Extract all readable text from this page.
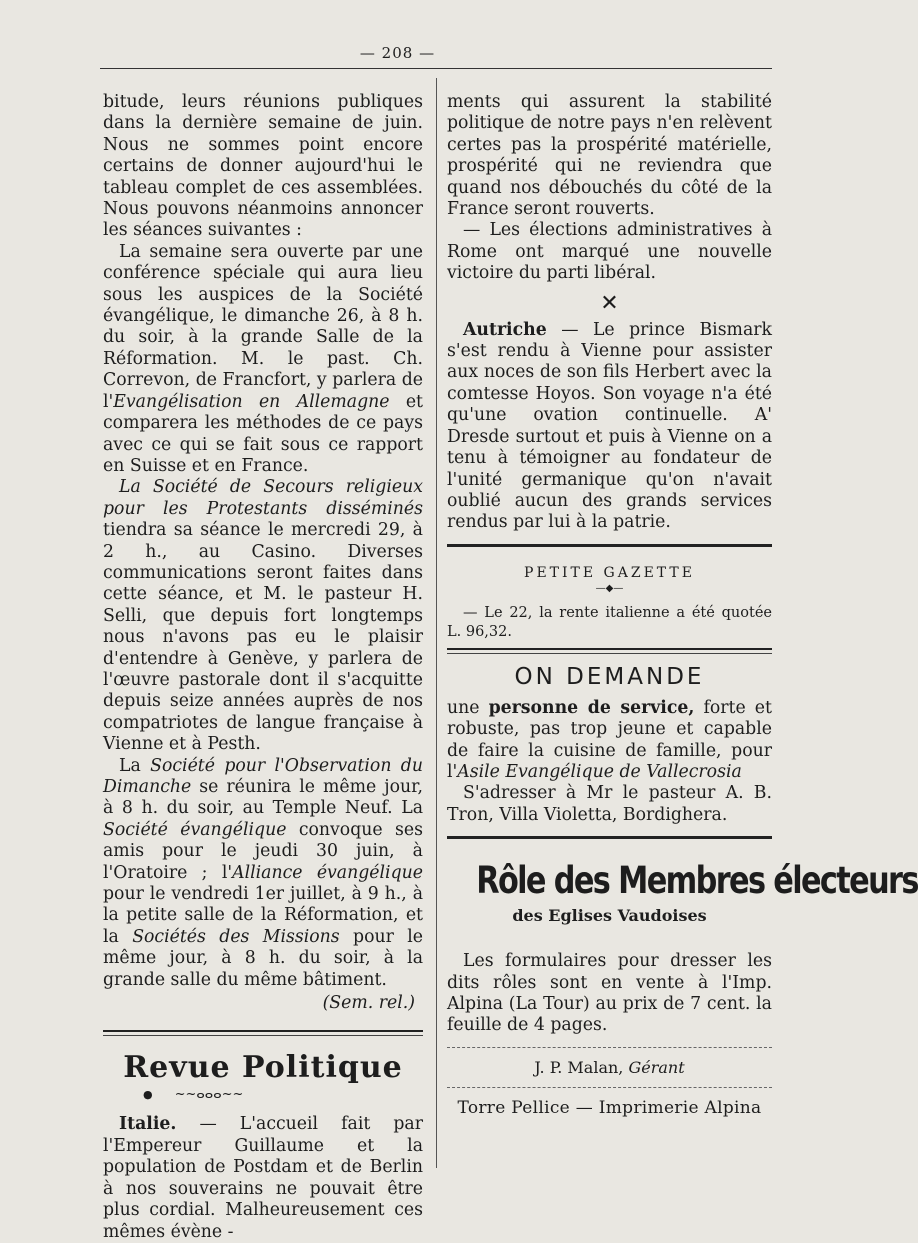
— 208 —

bitude, leurs réunions publiques dans la dernière semaine de juin. Nous ne sommes point encore certains de donner aujourd'hui le tableau complet de ces assemblées. Nous pouvons néanmoins annoncer les séances suivantes :

La semaine sera ouverte par une conférence spéciale qui aura lieu sous les auspices de la Société évangélique, le dimanche 26, à 8 h. du soir, à la grande Salle de la Réformation. M. le past. Ch. Correvon, de Francfort, y parlera de l'Evangélisation en Allemagne et comparera les méthodes de ce pays avec ce qui se fait sous ce rapport en Suisse et en France.

La Société de Secours religieux pour les Protestants disséminés tiendra sa séance le mercredi 29, à 2 h., au Casino. Diverses communications seront faites dans cette séance, et M. le pasteur H. Selli, que depuis fort longtemps nous n'avons pas eu le plaisir d'entendre à Genève, y parlera de l'œuvre pastorale dont il s'acquitte depuis seize années auprès de nos compatriotes de langue française à Vienne et à Pesth.

La Société pour l'Observation du Dimanche se réunira le même jour, à 8 h. du soir, au Temple Neuf. La Société évangélique convoque ses amis pour le jeudi 30 juin, à l'Oratoire ; l'Alliance évangélique pour le vendredi 1er juillet, à 9 h., à la petite salle de la Réformation, et la Sociétés des Missions pour le même jour, à 8 h. du soir, à la grande salle du même bâtiment.

(Sem. rel.)

Revue Politique
● ~~ⴰⴰⴰ~~

Italie. — L'accueil fait par l'Empereur Guillaume et la population de Postdam et de Berlin à nos souverains ne pouvait être plus cordial. Malheureusement ces mêmes évène -

ments qui assurent la stabilité politique de notre pays n'en relèvent certes pas la prospérité matérielle, prospérité qui ne reviendra que quand nos débouchés du côté de la France seront rouverts.

— Les élections administratives à Rome ont marqué une nouvelle victoire du parti libéral.

✕

Autriche — Le prince Bismark s'est rendu à Vienne pour assister aux noces de son fils Herbert avec la comtesse Hoyos. Son voyage n'a été qu'une ovation continuelle. A' Dresde surtout et puis à Vienne on a tenu à témoigner au fondateur de l'unité germanique qu'on n'avait oublié aucun des grands services rendus par lui à la patrie.

PETITE GAZETTE
—◆—

— Le 22, la rente italienne a été quotée L. 96,32.

ON DEMANDE

une personne de service, forte et robuste, pas trop jeune et capable de faire la cuisine de famille, pour l'Asile Evangélique de Vallecrosia

S'adresser à Mr le pasteur A. B. Tron, Villa Violetta, Bordighera.

Rôle des Membres électeurs
des Eglises Vaudoises

Les formulaires pour dresser les dits rôles sont en vente à l'Imp. Alpina (La Tour) au prix de 7 cent. la feuille de 4 pages.

J. P. Malan, Gérant
Torre Pellice — Imprimerie Alpina
